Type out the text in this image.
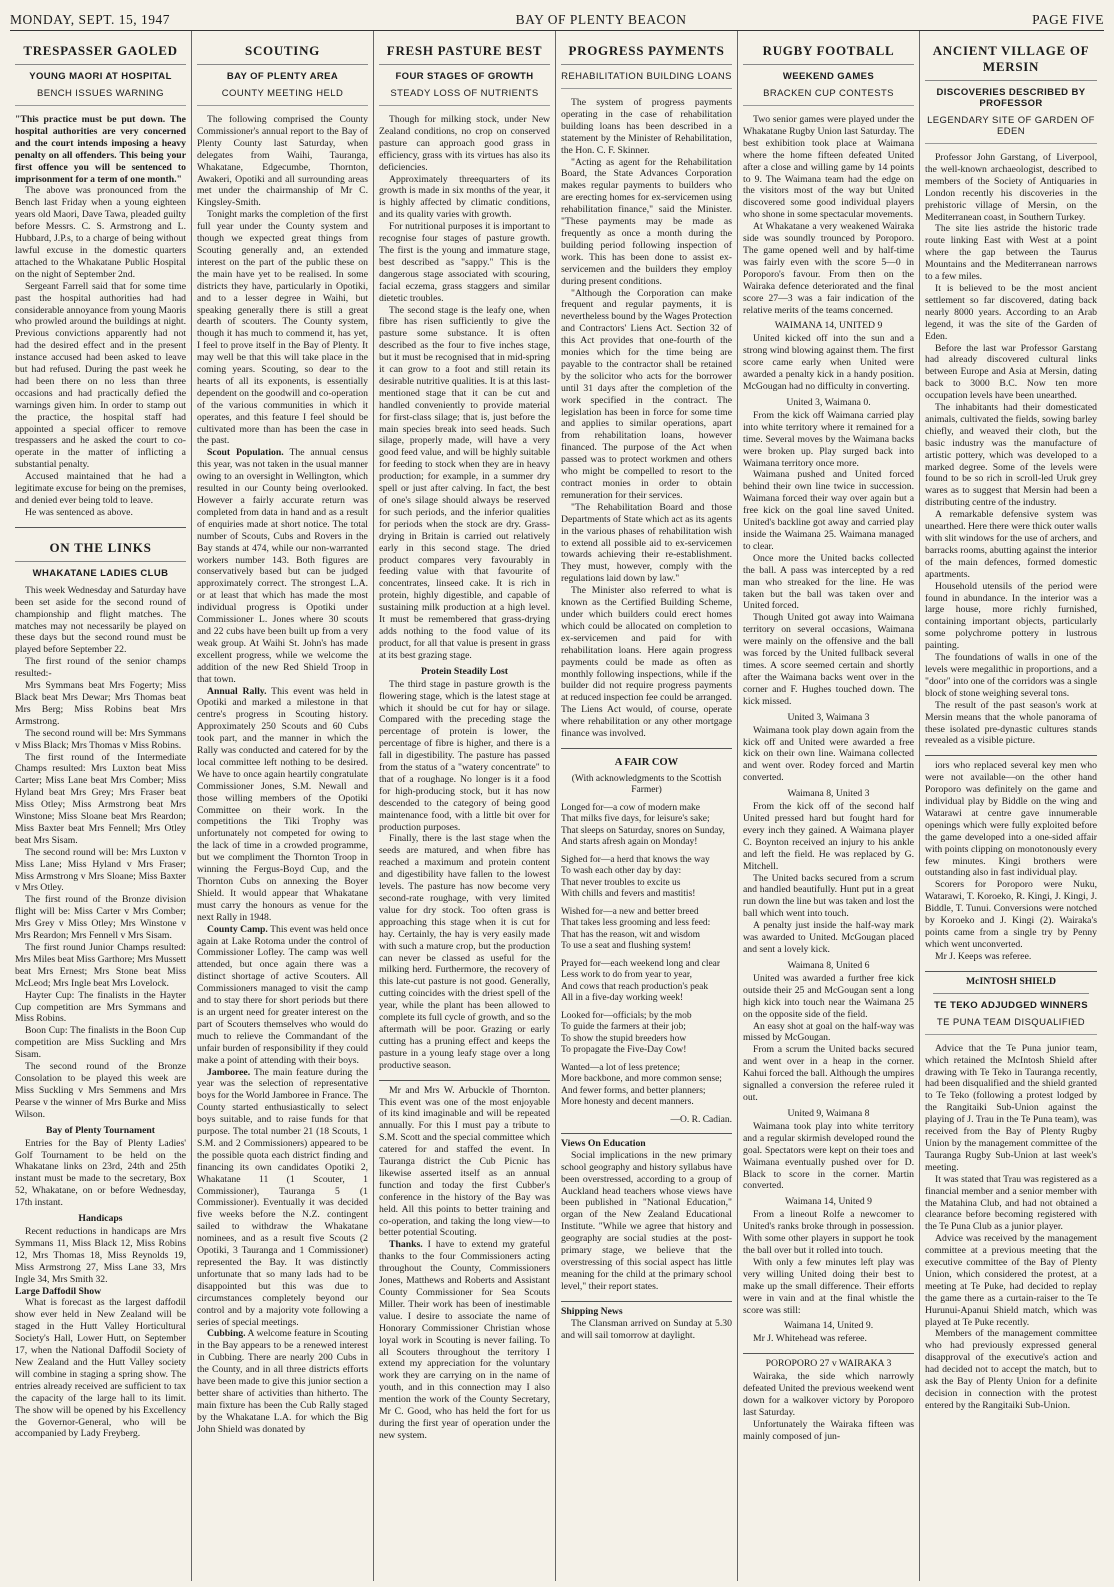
MONDAY, SEPT. 15, 1947	BAY OF PLENTY BEACON	PAGE FIVE
TRESPASSER GAOLED
YOUNG MAORI AT HOSPITAL
BENCH ISSUES WARNING

"This practice must be put down. The hospital authorities are very concerned and the court intends imposing a heavy penalty on all offenders. This being your first offence you will be sentenced to imprisonment for a term of one month."

The above was pronounced from the Bench last Friday when a young eighteen years old Maori, Dave Tawa, pleaded guilty before Messrs. C. S. Armstrong and L. Hubbard, J.P.s, to a charge of being without lawful excuse in the domestic quarters attached to the Whakatane Public Hospital on the night of September 2nd.

Sergeant Farrell said that for some time past the hospital authorities had had considerable annoyance from young Maoris who prowled around the buildings at night. Previous convictions apparently had not had the desired effect and in the present instance accused had been asked to leave but had refused. During the past week he had been there on no less than three occasions and had practically defied the warnings given him. In order to stamp out the practice, the hospital staff had appointed a special officer to remove trespassers and he asked the court to co-operate in the matter of inflicting a substantial penalty.

Accused maintained that he had a legitimate excuse for being on the premises, and denied ever being told to leave.

He was sentenced as above.

ON THE LINKS
WHAKATANE LADIES CLUB

This week Wednesday and Saturday have been set aside for the second round of championship and flight matches. The matches may not necessarily be played on these days but the second round must be played before September 22.

The first round of the senior champs resulted:-

Mrs Symmans beat Mrs Fogerty; Miss Black beat Mrs Dewar; Mrs Thomas beat Mrs Berg; Miss Robins beat Mrs Armstrong.

The second round will be: Mrs Symmans v Miss Black; Mrs Thomas v Miss Robins.

The first round of the Intermediate Champs resulted: Mrs Luxton beat Miss Carter; Miss Lane beat Mrs Comber; Miss Hyland beat Mrs Grey; Mrs Fraser beat Miss Otley; Miss Armstrong beat Mrs Winstone; Miss Sloane beat Mrs Reardon; Miss Baxter beat Mrs Fennell; Mrs Otley beat Mrs Sisam.

The second round will be: Mrs Luxton v Miss Lane; Miss Hyland v Mrs Fraser; Miss Armstrong v Mrs Sloane; Miss Baxter v Mrs Otley.

The first round of the Bronze division flight will be: Miss Carter v Mrs Comber; Mrs Grey v Miss Otley; Mrs Winstone v Mrs Reardon; Mrs Fennell v Mrs Sisam.

The first round Junior Champs resulted: Mrs Miles beat Miss Garthore; Mrs Mussett beat Mrs Ernest; Mrs Stone beat Miss McLeod; Mrs Ingle beat Mrs Lovelock.

Hayter Cup: The finalists in the Hayter Cup competition are Mrs Symmans and Miss Robins.

Boon Cup: The finalists in the Boon Cup competition are Miss Suckling and Mrs Sisam.

The second round of the Bronze Consolation to be played this week are Miss Suckling v Mrs Semmens and Mrs Pearse v the winner of Mrs Burke and Miss Wilson.

Bay of Plenty Tournament

Entries for the Bay of Plenty Ladies' Golf Tournament to be held on the Whakatane links on 23rd, 24th and 25th instant must be made to the secretary, Box 52, Whakatane, on or before Wednesday, 17th instant.

Handicaps

Recent reductions in handicaps are Mrs Symmans 11, Miss Black 12, Miss Robins 12, Mrs Thomas 18, Miss Reynolds 19, Miss Armstrong 27, Miss Lane 33, Mrs Ingle 34, Mrs Smith 32.

Large Daffodil Show

What is forecast as the largest daffodil show ever held in New Zealand will be staged in the Hutt Valley Horticultural Society's Hall, Lower Hutt, on September 17, when the National Daffodil Society of New Zealand and the Hutt Valley society will combine in staging a spring show. The entries already received are sufficient to tax the capacity of the large hall to its limit. The show will be opened by his Excellency the Governor-General, who will be accompanied by Lady Freyberg.

SCOUTING
BAY OF PLENTY AREA
COUNTY MEETING HELD

The following comprised the County Commissioner's annual report to the Bay of Plenty County last Saturday, when delegates from Waihi, Tauranga, Whakatane, Edgecumbe, Thornton, Awakeri, Opotiki and all surrounding areas met under the chairmanship of Mr C. Kingsley-Smith.

Tonight marks the completion of the first full year under the County system and though we expected great things from Scouting generally and, an extended interest on the part of the public these on the main have yet to be realised. In some districts they have, particularly in Opotiki, and to a lesser degree in Waihi, but speaking generally there is still a great dearth of scouters. The County system, though it has much to commend it, has yet, I feel to prove itself in the Bay of Plenty. It may well be that this will take place in the coming years. Scouting, so dear to the hearts of all its exponents, is essentially dependent on the goodwill and co-operation of the various communities in which it operates, and this feature I feel should be cultivated more than has been the case in the past.

Scout Population. The annual census this year, was not taken in the usual manner owing to an oversight in Wellington, which resulted in our County being overlooked. However a fairly accurate return was completed from data in hand and as a result of enquiries made at short notice. The total number of Scouts, Cubs and Rovers in the Bay stands at 474, while our non-warranted workers number 143. Both figures are conservatively based but can be judged approximately correct. The strongest L.A. or at least that which has made the most individual progress is Opotiki under Commissioner L. Jones where 30 scouts and 22 cubs have been built up from a very weak group. At Waihi St. John's has made excellent progress, while we welcome the addition of the new Red Shield Troop in that town.

Annual Rally. This event was held in Opotiki and marked a milestone in that centre's progress in Scouting history. Approximately 250 Scouts and 60 Cubs took part, and the manner in which the Rally was conducted and catered for by the local committee left nothing to be desired. We have to once again heartily congratulate Commissioner Jones, S.M. Newall and those willing members of the Opotiki Committee on their work. In the competitions the Tiki Trophy was unfortunately not competed for owing to the lack of time in a crowded programme, but we compliment the Thornton Troop in winning the Fergus-Boyd Cup, and the Thornton Cubs on annexing the Boyer Shield. It would appear that Whakatane must carry the honours as venue for the next Rally in 1948.

County Camp. This event was held once again at Lake Rotoma under the control of Commissioner Lofley. The camp was well attended, but once again there was a distinct shortage of active Scouters. All Commissioners managed to visit the camp and to stay there for short periods but there is an urgent need for greater interest on the part of Scouters themselves who would do much to relieve the Commandant of the unfair burden of responsibility if they could make a point of attending with their boys.

Jamboree. The main feature during the year was the selection of representative boys for the World Jamboree in France. The County started enthusiastically to select boys suitable, and to raise funds for that purpose. The total number 21 (18 Scouts, 1 S.M. and 2 Commissioners) appeared to be the possible quota each district finding and financing its own candidates Opotiki 2, Whakatane 11 (1 Scouter, 1 Commissioner), Tauranga 5 (1 Commissioner). Eventually it was decided five weeks before the N.Z. contingent sailed to withdraw the Whakatane nominees, and as a result five Scouts (2 Opotiki, 3 Tauranga and 1 Commissioner) represented the Bay. It was distinctly unfortunate that so many lads had to be disappointed but this was due to circumstances completely beyond our control and by a majority vote following a series of special meetings.

Cubbing. A welcome feature in Scouting in the Bay appears to be a renewed interest in Cubbing. There are nearly 200 Cubs in the County, and in all three districts efforts have been made to give this junior section a better share of activities than hitherto. The main fixture has been the Cub Rally staged by the Whakatane L.A. for which the Big John Shield was donated by

FRESH PASTURE BEST
FOUR STAGES OF GROWTH
STEADY LOSS OF NUTRIENTS

Though for milking stock, under New Zealand conditions, no crop on conserved pasture can approach good grass in efficiency, grass with its virtues has also its deficiencies.

Approximately threequarters of its growth is made in six months of the year, it is highly affected by climatic conditions, and its quality varies with growth.

For nutritional purposes it is important to recognise four stages of pasture growth. The first is the young and immature stage, best described as "sappy." This is the dangerous stage associated with scouring, facial eczema, grass staggers and similar dietetic troubles.

The second stage is the leafy one, when fibre has risen sufficiently to give the pasture some substance. It is often described as the four to five inches stage, but it must be recognised that in mid-spring it can grow to a foot and still retain its desirable nutritive qualities. It is at this last-mentioned stage that it can be cut and handled conveniently to provide material for first-class silage; that is, just before the main species break into seed heads. Such silage, properly made, will have a very good feed value, and will be highly suitable for feeding to stock when they are in heavy production; for example, in a summer dry spell or just after calving. In fact, the best of one's silage should always be reserved for such periods, and the inferior qualities for periods when the stock are dry. Grass-drying in Britain is carried out relatively early in this second stage. The dried product compares very favourably in feeding value with that favourite of concentrates, linseed cake. It is rich in protein, highly digestible, and capable of sustaining milk production at a high level. It must be remembered that grass-drying adds nothing to the food value of its product, for all that value is present in grass at its best grazing stage.

Protein Steadily Lost

The third stage in pasture growth is the flowering stage, which is the latest stage at which it should be cut for hay or silage. Compared with the preceding stage the percentage of protein is lower, the percentage of fibre is higher, and there is a fall in digestibility. The pasture has passed from the status of a "watery concentrate" to that of a roughage. No longer is it a food for high-producing stock, but it has now descended to the category of being good maintenance food, with a little bit over for production purposes.

Finally, there is the last stage when the seeds are matured, and when fibre has reached a maximum and protein content and digestibility have fallen to the lowest levels. The pasture has now become very second-rate roughage, with very limited value for dry stock. Too often grass is approaching this stage when it is cut for hay. Certainly, the hay is very easily made with such a mature crop, but the production can never be classed as useful for the milking herd. Furthermore, the recovery of this late-cut pasture is not good. Generally, cutting coincides with the driest spell of the year, while the plant has been allowed to complete its full cycle of growth, and so the aftermath will be poor. Grazing or early cutting has a pruning effect and keeps the pasture in a young leafy stage over a long productive season.

Mr and Mrs W. Arbuckle of Thornton. This event was one of the most enjoyable of its kind imaginable and will be repeated annually. For this I must pay a tribute to S.M. Scott and the special committee which catered for and staffed the event. In Tauranga district the Cub Picnic has likewise asserted itself as an annual function and today the first Cubber's conference in the history of the Bay was held. All this points to better training and co-operation, and taking the long view—to better potential Scouting.

Thanks. I have to extend my grateful thanks to the four Commissioners acting throughout the County, Commissioners Jones, Matthews and Roberts and Assistant County Commissioner for Sea Scouts Miller. Their work has been of inestimable value. I desire to associate the name of Honorary Commissioner Christian whose loyal work in Scouting is never failing. To all Scouters throughout the territory I extend my appreciation for the voluntary work they are carrying on in the name of youth, and in this connection may I also mention the work of the County Secretary, Mr C. Good, who has held the fort for us during the first year of operation under the new system.

PROGRESS PAYMENTS
REHABILITATION BUILDING LOANS

The system of progress payments operating in the case of rehabilitation building loans has been described in a statement by the Minister of Rehabilitation, the Hon. C. F. Skinner.

"Acting as agent for the Rehabilitation Board, the State Advances Corporation makes regular payments to builders who are erecting homes for ex-servicemen using rehabilitation finance," said the Minister. "These payments may be made as frequently as once a month during the building period following inspection of work. This has been done to assist ex-servicemen and the builders they employ during present conditions.

"Although the Corporation can make frequent and regular payments, it is nevertheless bound by the Wages Protection and Contractors' Liens Act. Section 32 of this Act provides that one-fourth of the monies which for the time being are payable to the contractor shall be retained by the solicitor who acts for the borrower until 31 days after the completion of the work specified in the contract. The legislation has been in force for some time and applies to similar operations, apart from rehabilitation loans, however financed. The purpose of the Act when passed was to protect workmen and others who might be compelled to resort to the contract monies in order to obtain remuneration for their services.

"The Rehabilitation Board and those Departments of State which act as its agents in the various phases of rehabilitation wish to extend all possible aid to ex-servicemen towards achieving their re-establishment. They must, however, comply with the regulations laid down by law."

The Minister also referred to what is known as the Certified Building Scheme, under which builders could erect homes which could be allocated on completion to ex-servicemen and paid for with rehabilitation loans. Here again progress payments could be made as often as monthly following inspections, while if the builder did not require progress payments at reduced inspection fee could be arranged. The Liens Act would, of course, operate where rehabilitation or any other mortgage finance was involved.

A FAIR COW

(With acknowledgments to the Scottish Farmer)

Longed for—a cow of modern make

That milks five days, for leisure's sake;

That sleeps on Saturday, snores on Sunday,

And starts afresh again on Monday!

Sighed for—a herd that knows the way

To wash each other day by day:

That never troubles to excite us

With chills and fevers and mastitis!

Wished for—a new and better breed

That takes less grooming and less feed:

That has the reason, wit and wisdom

To use a seat and flushing system!

Prayed for—each weekend long and clear

Less work to do from year to year,

And cows that reach production's peak

All in a five-day working week!

Looked for—officials; by the mob

To guide the farmers at their job;

To show the stupid breeders how

To propagate the Five-Day Cow!

Wanted—a lot of less pretence;

More backbone, and more common sense;

And fewer forms, and better planners;

More honesty and decent manners.

—O. R. Cadian.
Views On Education

Social implications in the new primary school geography and history syllabus have been overstressed, according to a group of Auckland head teachers whose views have been published in "National Education," organ of the New Zealand Educational Institute. "While we agree that history and geography are social studies at the post-primary stage, we believe that the overstressing of this social aspect has little meaning for the child at the primary school level," their report states.

Shipping News

The Clansman arrived on Sunday at 5.30 and will sail tomorrow at daylight.

RUGBY FOOTBALL
WEEKEND GAMES
BRACKEN CUP CONTESTS

Two senior games were played under the Whakatane Rugby Union last Saturday. The best exhibition took place at Waimana where the home fifteen defeated United after a close and willing game by 14 points to 9. The Waimana team had the edge on the visitors most of the way but United discovered some good individual players who shone in some spectacular movements.

At Whakatane a very weakened Wairaka side was soundly trounced by Poroporo. The game opened well and by half-time was fairly even with the score 5—0 in Poroporo's favour. From then on the Wairaka defence deteriorated and the final score 27—3 was a fair indication of the relative merits of the teams concerned.

WAIMANA 14, UNITED 9

United kicked off into the sun and a strong wind blowing against them. The first score came early when United were awarded a penalty kick in a handy position. McGougan had no difficulty in converting.

United 3, Waimana 0.

From the kick off Waimana carried play into white territory where it remained for a time. Several moves by the Waimana backs were broken up. Play surged back into Waimana territory once more.

Waimana pushed and United forced behind their own line twice in succession. Waimana forced their way over again but a free kick on the goal line saved United. United's backline got away and carried play inside the Waimana 25. Waimana managed to clear.

Once more the United backs collected the ball. A pass was intercepted by a red man who streaked for the line. He was taken but the ball was taken over and United forced.

Though United got away into Waimana territory on several occasions, Waimana were mainly on the offensive and the ball was forced by the United fullback several times. A score seemed certain and shortly after the Waimana backs went over in the corner and F. Hughes touched down. The kick missed.

United 3, Waimana 3

Waimana took play down again from the kick off and United were awarded a free kick on their own line. Waimana collected and went over. Rodey forced and Martin converted.

Waimana 8, United 3

From the kick off of the second half United pressed hard but fought hard for every inch they gained. A Waimana player C. Boynton received an injury to his ankle and left the field. He was replaced by G. Mitchell.

The United backs secured from a scrum and handled beautifully. Hunt put in a great run down the line but was taken and lost the ball which went into touch.

A penalty just inside the half-way mark was awarded to United. McGougan placed and sent a lovely kick.

Waimana 8, United 6

United was awarded a further free kick outside their 25 and McGougan sent a long high kick into touch near the Waimana 25 on the opposite side of the field.

An easy shot at goal on the half-way was missed by McGougan.

From a scrum the United backs secured and went over in a heap in the corner. Kahui forced the ball. Although the umpires signalled a conversion the referee ruled it out.

United 9, Waimana 8

Waimana took play into white territory and a regular skirmish developed round the goal. Spectators were kept on their toes and Waimana eventually pushed over for D. Black to score in the corner. Martin converted.

Waimana 14, United 9

From a lineout Rolfe a newcomer to United's ranks broke through in possession. With some other players in support he took the ball over but it rolled into touch.

With only a few minutes left play was very willing United doing their best to make up the small difference. Their efforts were in vain and at the final whistle the score was still:

Waimana 14, United 9.

Mr J. Whitehead was referee.

POROPORO 27 v WAIRAKA 3

Wairaka, the side which narrowly defeated United the previous weekend went down for a walkover victory by Poroporo last Saturday.

Unfortunately the Wairaka fifteen was mainly composed of jun-

ANCIENT VILLAGE OF MERSIN
DISCOVERIES DESCRIBED BY PROFESSOR
LEGENDARY SITE OF GARDEN OF EDEN

Professor John Garstang, of Liverpool, the well-known archaeologist, described to members of the Society of Antiquaries in London recently his discoveries in the prehistoric village of Mersin, on the Mediterranean coast, in Southern Turkey.

The site lies astride the historic trade route linking East with West at a point where the gap between the Taurus Mountains and the Mediterranean narrows to a few miles.

It is believed to be the most ancient settlement so far discovered, dating back nearly 8000 years. According to an Arab legend, it was the site of the Garden of Eden.

Before the last war Professor Garstang had already discovered cultural links between Europe and Asia at Mersin, dating back to 3000 B.C. Now ten more occupation levels have been unearthed.

The inhabitants had their domesticated animals, cultivated the fields, sowing barley chiefly, and weaved their cloth, but the basic industry was the manufacture of artistic pottery, which was developed to a marked degree. Some of the levels were found to be so rich in scroll-led Uruk grey wares as to suggest that Mersin had been a distributing centre of the industry.

A remarkable defensive system was unearthed. Here there were thick outer walls with slit windows for the use of archers, and barracks rooms, abutting against the interior of the main defences, formed domestic apartments.

Household utensils of the period were found in abundance. In the interior was a large house, more richly furnished, containing important objects, particularly some polychrome pottery in lustrous painting.

The foundations of walls in one of the levels were megalithic in proportions, and a "door" into one of the corridors was a single block of stone weighing several tons.

The result of the past season's work at Mersin means that the whole panorama of these isolated pre-dynastic cultures stands revealed as a visible picture.

iors who replaced several key men who were not available—on the other hand Poroporo was definitely on the game and individual play by Biddle on the wing and Watarawi at centre gave innumerable openings which were fully exploited before the game developed into a one-sided affair with points clipping on monotonously every few minutes. Kingi brothers were outstanding also in fast individual play.

Scorers for Poroporo were Nuku, Watarawi, T. Koroeko, R. Kingi, J. Kingi, J. Biddle, T. Tunui. Conversions were notched by Koroeko and J. Kingi (2). Wairaka's points came from a single try by Penny which went unconverted.

Mr J. Keeps was referee.

McINTOSH SHIELD
TE TEKO ADJUDGED WINNERS
TE PUNA TEAM DISQUALIFIED

Advice that the Te Puna junior team, which retained the McIntosh Shield after drawing with Te Teko in Tauranga recently, had been disqualified and the shield granted to Te Teko (following a protest lodged by the Rangitaiki Sub-Union against the playing of J. Trau in the Te Puna team), was received from the Bay of Plenty Rugby Union by the management committee of the Tauranga Rugby Sub-Union at last week's meeting.

It was stated that Trau was registered as a financial member and a senior member with the Matahina Club, and had not obtained a clearance before becoming registered with the Te Puna Club as a junior player.

Advice was received by the management committee at a previous meeting that the executive committee of the Bay of Plenty Union, which considered the protest, at a meeting at Te Puke, had decided to replay the game there as a curtain-raiser to the Te Hurunui-Apanui Shield match, which was played at Te Puke recently.

Members of the management committee who had previously expressed general disapproval of the executive's action and had decided not to accept the match, but to ask the Bay of Plenty Union for a definite decision in connection with the protest entered by the Rangitaiki Sub-Union.
